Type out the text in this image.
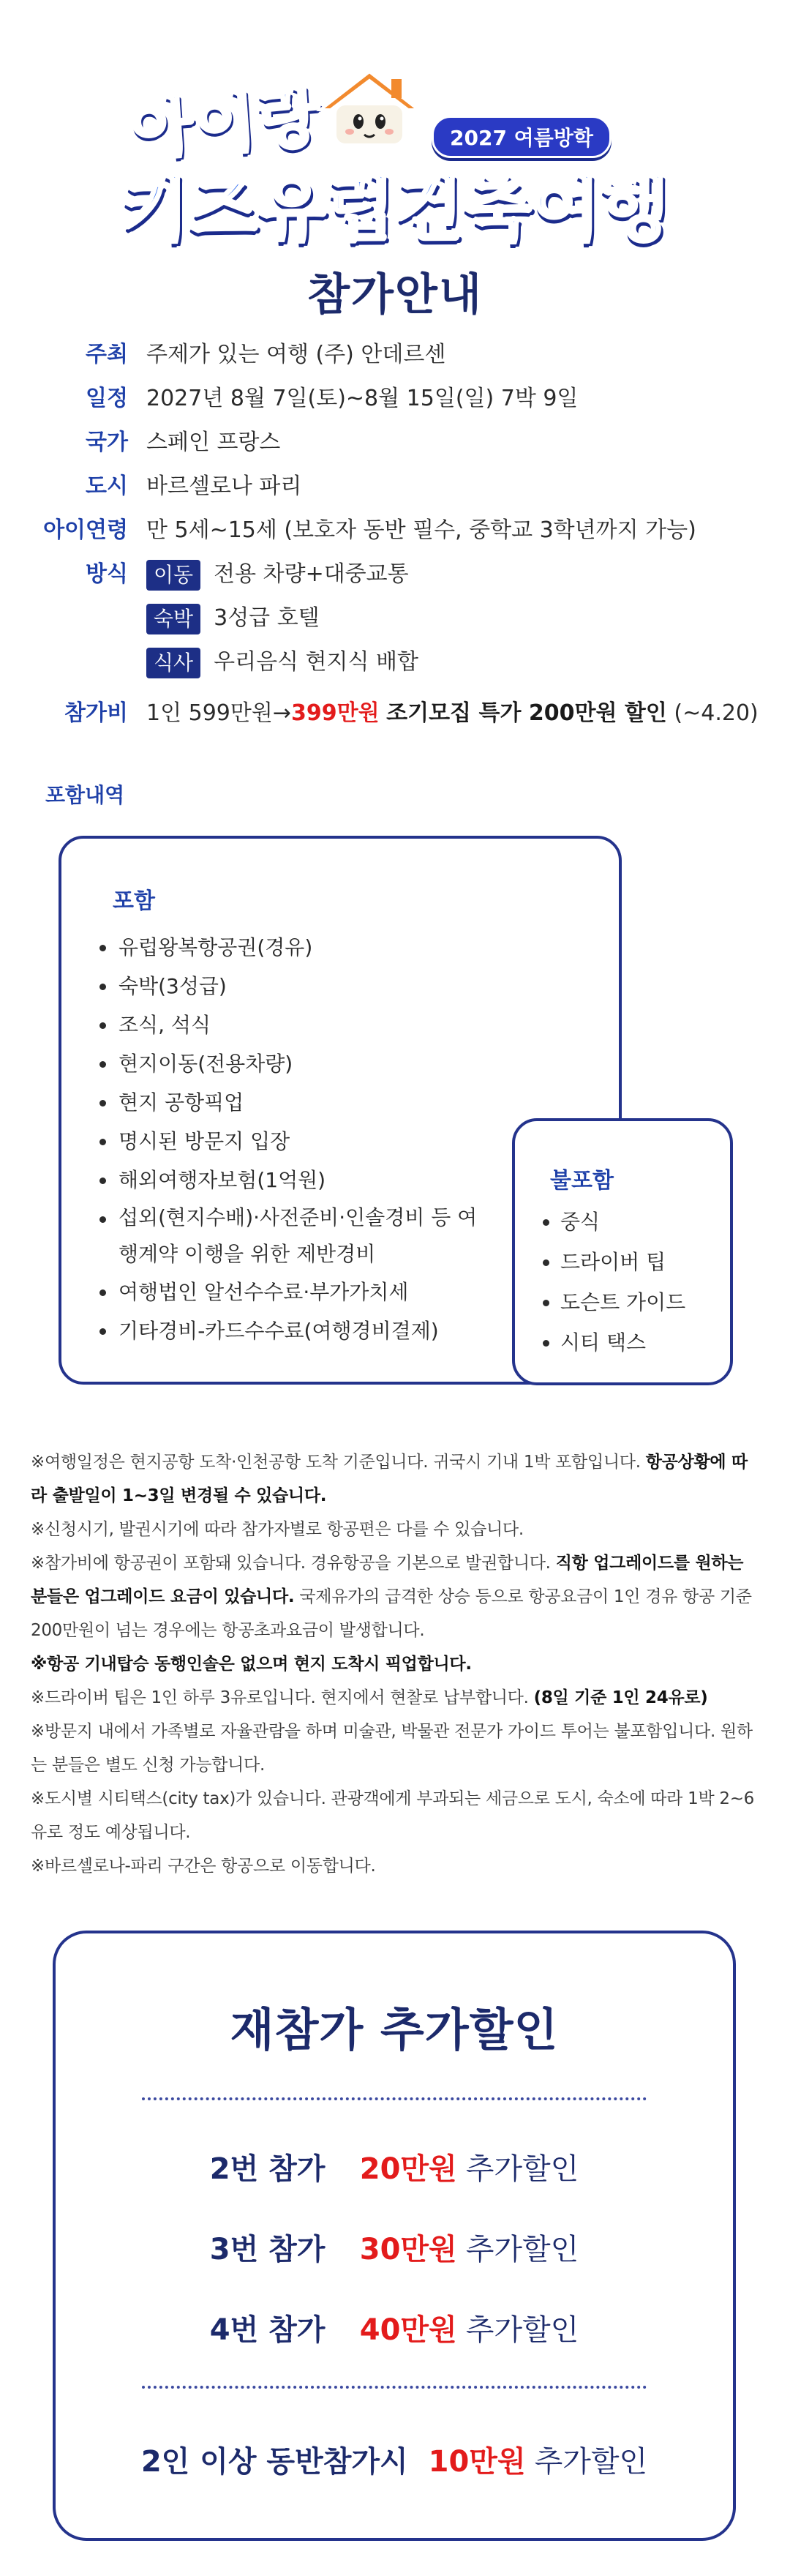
아이랑	2027 여름방학
키즈유럽건축여행
참가안내
주최 주제가 있는 여행 (주) 안데르센
일정 2027년 8월 7일(토)~8월 15일(일) 7박 9일
국가 스페인 프랑스
도시 바르셀로나 파리
아이연령 만 5세~15세 (보호자 동반 필수, 중학교 3학년까지 가능)
방식	이동 전용 차량+대중교통
숙박 3성급 호텔
식사 우리음식 현지식 배합
참가비 1인 599만원→399만원 조기모집 특가 200만원 할인 (~4.20)
포함내역
포함
유럽왕복항공권(경유)
숙박(3성급)
조식, 석식
현지이동(전용차량)
현지 공항픽업
명시된 방문지 입장
해외여행자보험(1억원)
섭외(현지수배)·사전준비·인솔경비 등 여행계약 이행을 위한 제반경비
여행법인 알선수수료·부가가치세
기타경비-카드수수료(여행경비결제)
불포함
중식
드라이버 팁
도슨트 가이드
시티 택스

※여행일정은 현지공항 도착·인천공항 도착 기준입니다. 귀국시 기내 1박 포함입니다. 항공상황에 따라 출발일이 1~3일 변경될 수 있습니다.

※신청시기, 발권시기에 따라 참가자별로 항공편은 다를 수 있습니다.

※참가비에 항공권이 포함돼 있습니다. 경유항공을 기본으로 발권합니다. 직항 업그레이드를 원하는 분들은 업그레이드 요금이 있습니다. 국제유가의 급격한 상승 등으로 항공요금이 1인 경유 항공 기준 200만원이 넘는 경우에는 항공초과요금이 발생합니다.

※항공 기내탑승 동행인솔은 없으며 현지 도착시 픽업합니다.

※드라이버 팁은 1인 하루 3유로입니다. 현지에서 현찰로 납부합니다. (8일 기준 1인 24유로)

※방문지 내에서 가족별로 자율관람을 하며 미술관, 박물관 전문가 가이드 투어는 불포함입니다. 원하는 분들은 별도 신청 가능합니다.

※도시별 시티택스(city tax)가 있습니다. 관광객에게 부과되는 세금으로 도시, 숙소에 따라 1박 2~6유로 정도 예상됩니다.

※바르셀로나-파리 구간은 항공으로 이동합니다.

재참가 추가할인
2번 참가 20만원 추가할인
3번 참가 30만원 추가할인
4번 참가 40만원 추가할인
2인 이상 동반참가시 10만원 추가할인
